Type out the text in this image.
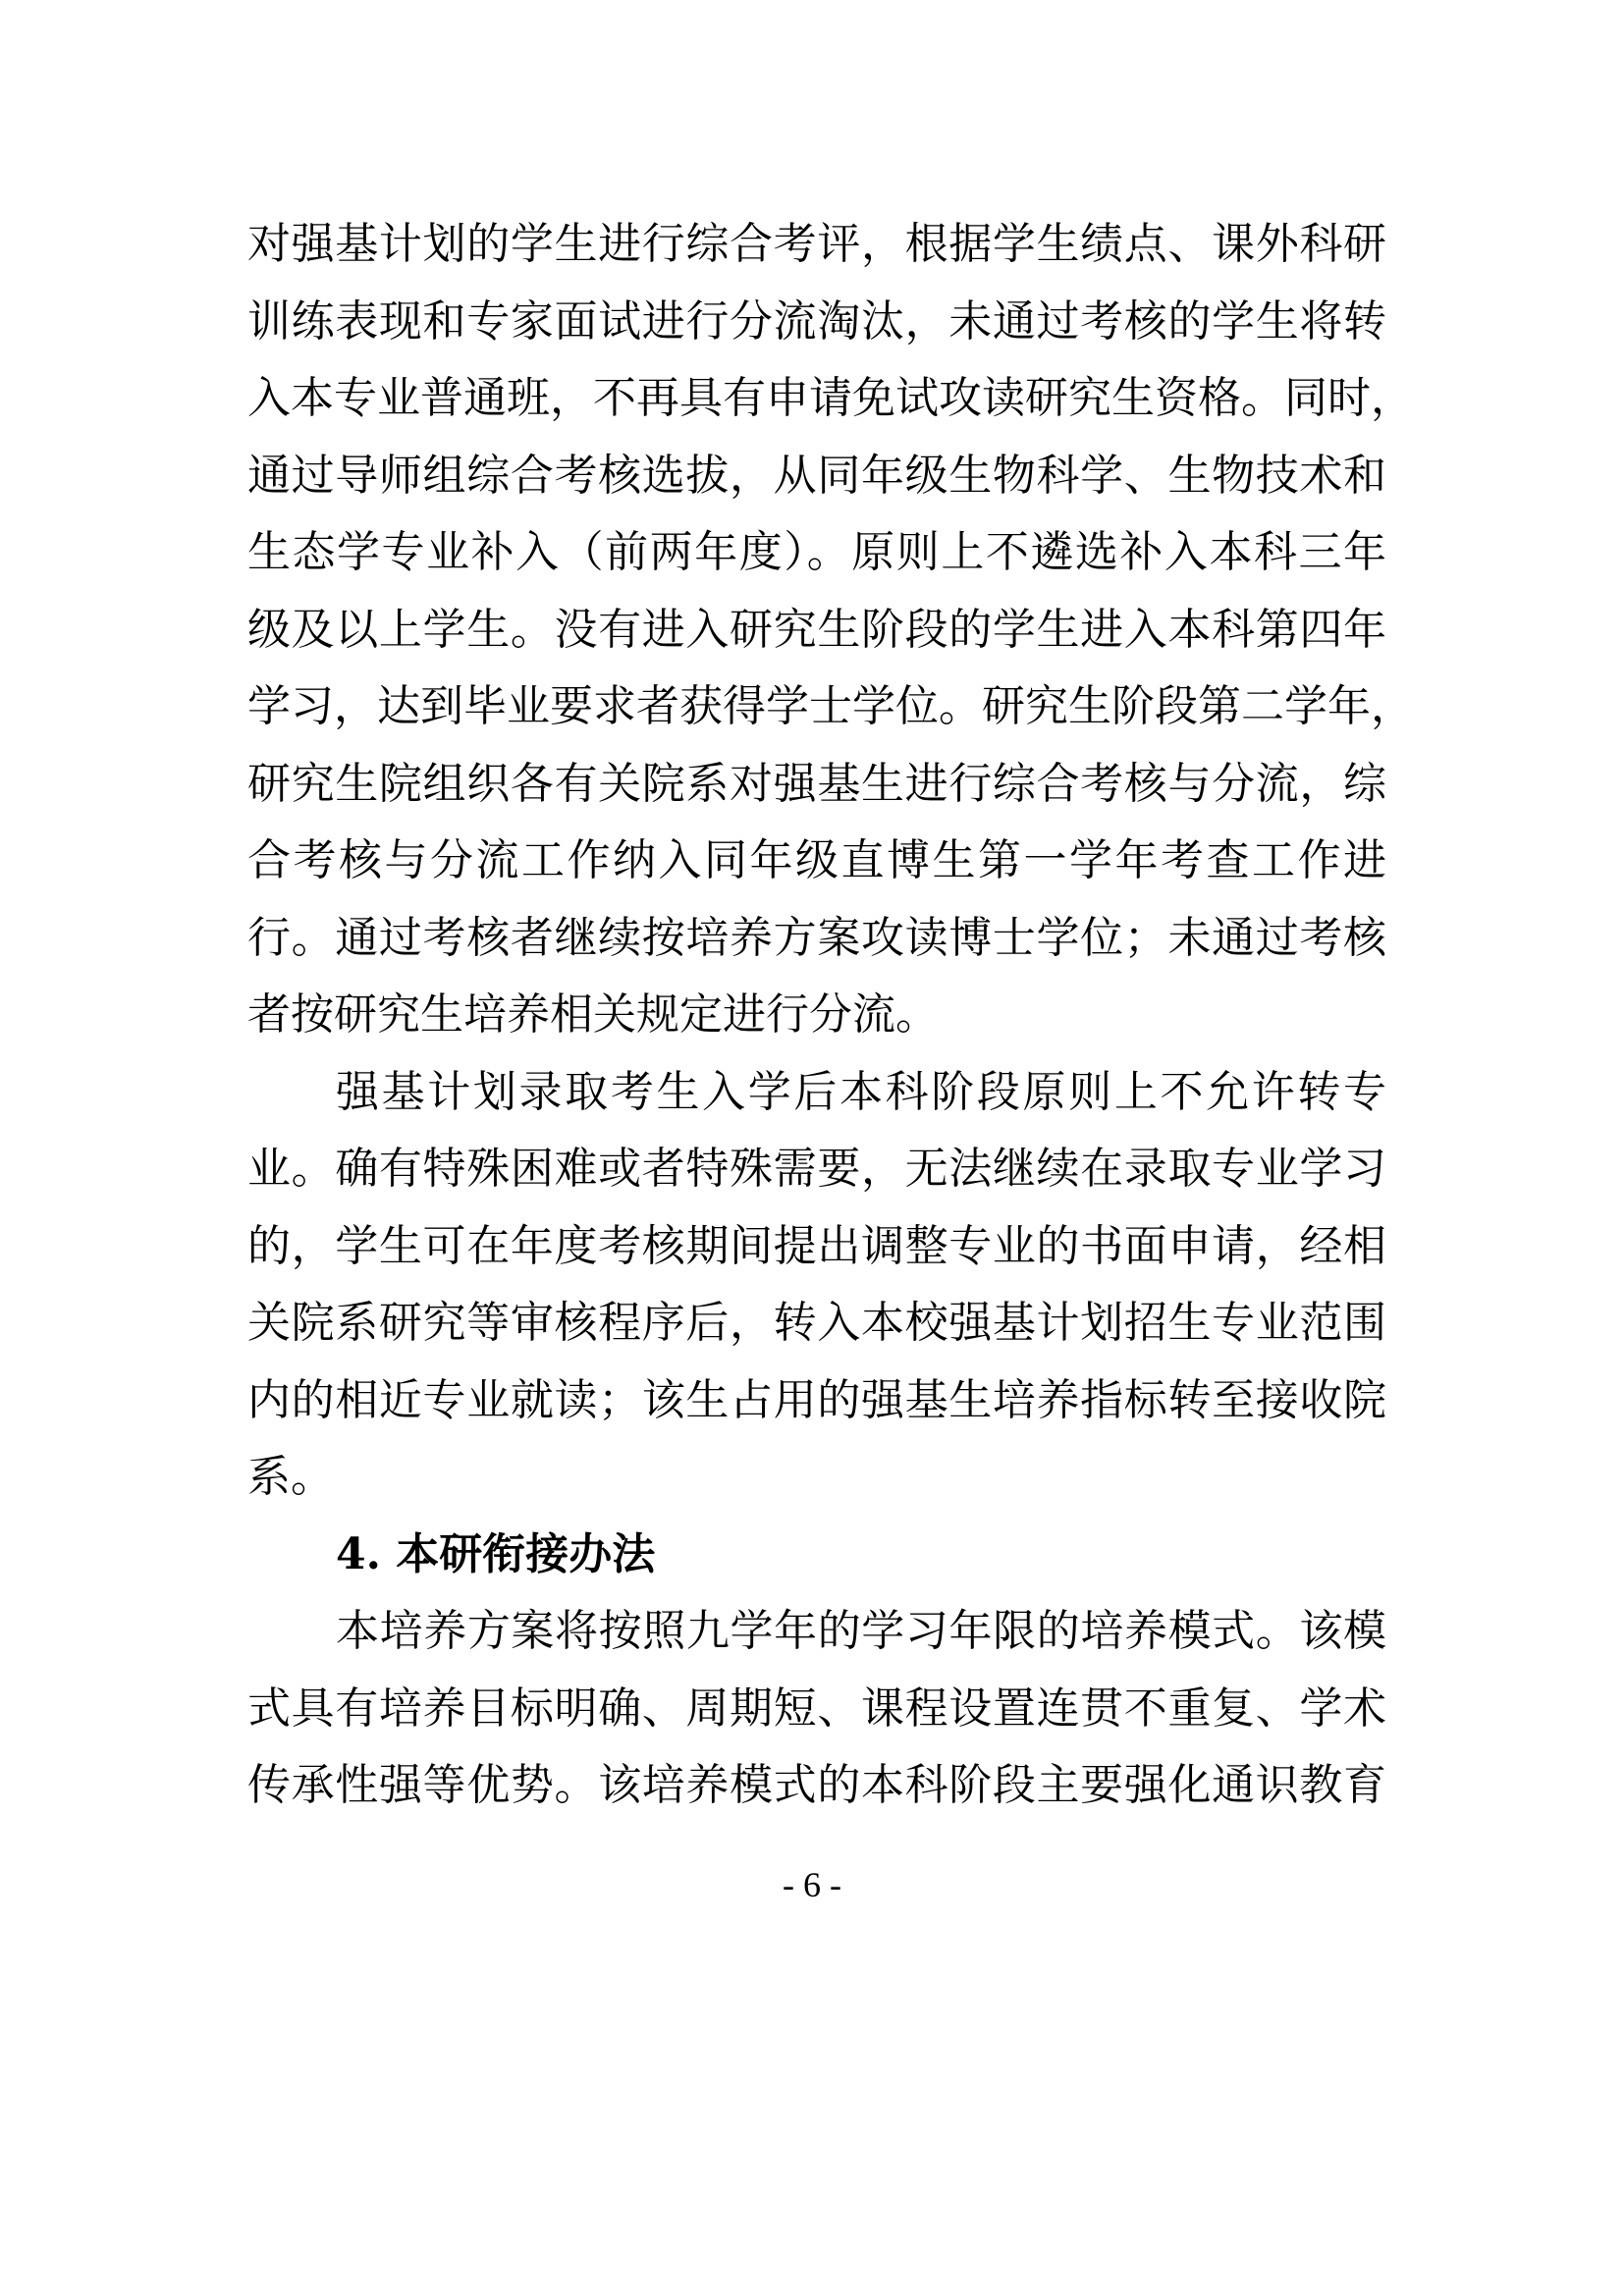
对强基计划的学生进行综合考评，根据学生绩点、课外科研
训练表现和专家面试进行分流淘汰，未通过考核的学生将转
入本专业普通班，不再具有申请免试攻读研究生资格。同时，
通过导师组综合考核选拔，从同年级生物科学、生物技术和
生态学专业补入（前两年度）。原则上不遴选补入本科三年
级及以上学生。没有进入研究生阶段的学生进入本科第四年
学习，达到毕业要求者获得学士学位。研究生阶段第二学年，
研究生院组织各有关院系对强基生进行综合考核与分流，综
合考核与分流工作纳入同年级直博生第一学年考查工作进
行。通过考核者继续按培养方案攻读博士学位；未通过考核
者按研究生培养相关规定进行分流。
强基计划录取考生入学后本科阶段原则上不允许转专
业。确有特殊困难或者特殊需要，无法继续在录取专业学习
的，学生可在年度考核期间提出调整专业的书面申请，经相
关院系研究等审核程序后，转入本校强基计划招生专业范围
内的相近专业就读；该生占用的强基生培养指标转至接收院
系。
4. 本研衔接办法
本培养方案将按照九学年的学习年限的培养模式。该模
式具有培养目标明确、周期短、课程设置连贯不重复、学术
传承性强等优势。该培养模式的本科阶段主要强化通识教育
- 6 -
